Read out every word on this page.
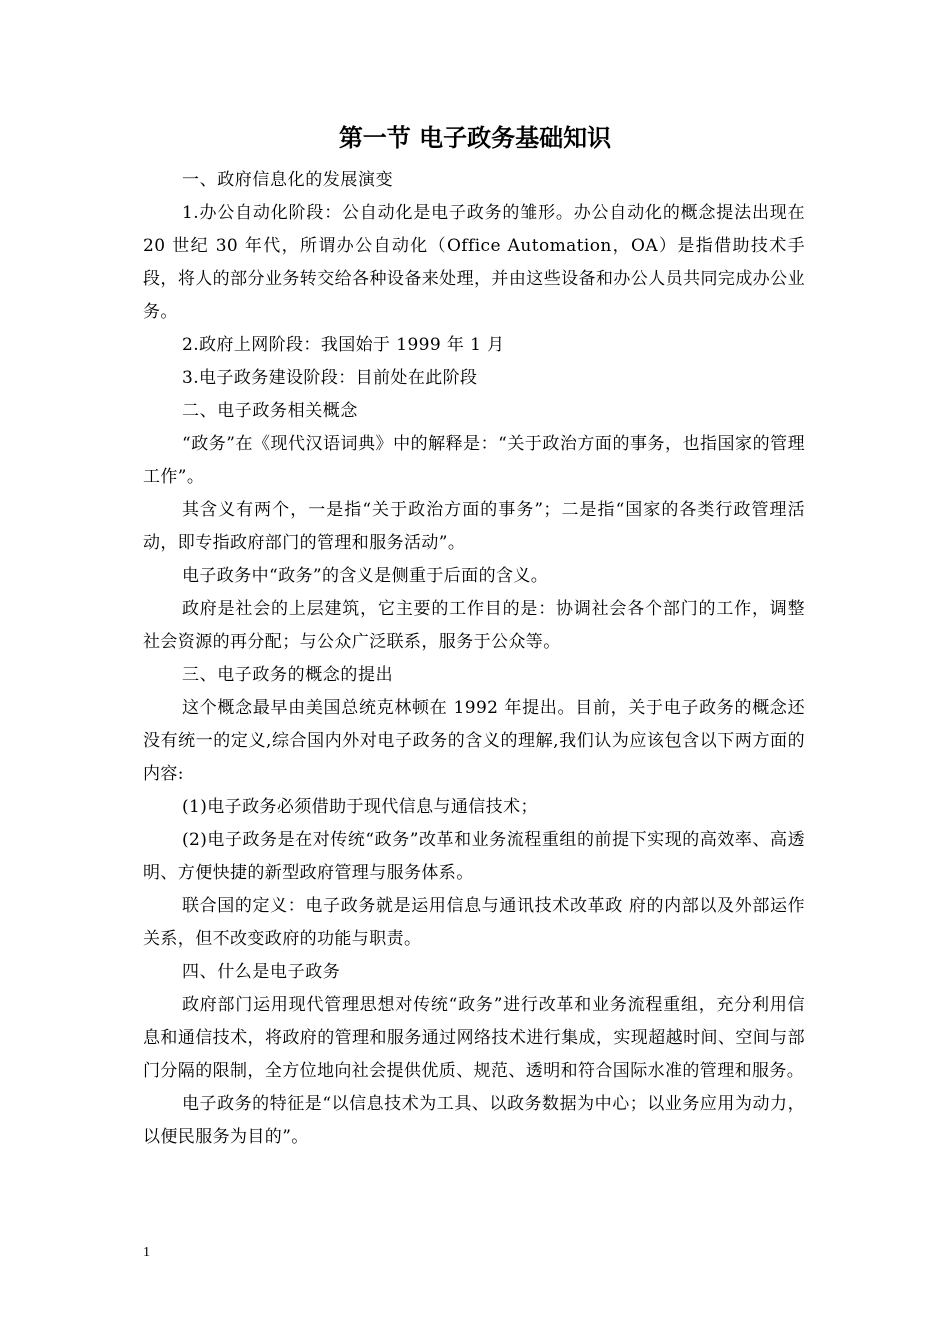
第一节 电子政务基础知识

一、政府信息化的发展演变

1.办公自动化阶段：公自动化是电子政务的雏形。办公自动化的概念提法出现在 20 世纪 30 年代，所谓办公自动化（Office Automation，OA）是指借助技术手段，将人的部分业务转交给各种设备来处理，并由这些设备和办公人员共同完成办公业务。

2.政府上网阶段：我国始于 1999 年 1 月

3.电子政务建设阶段：目前处在此阶段

二、电子政务相关概念

“政务”在《现代汉语词典》中的解释是：“关于政治方面的事务，也指国家的管理工作”。

其含义有两个，一是指“关于政治方面的事务”；二是指“国家的各类行政管理活动，即专指政府部门的管理和服务活动”。

电子政务中“政务”的含义是侧重于后面的含义。

政府是社会的上层建筑，它主要的工作目的是：协调社会各个部门的工作，调整社会资源的再分配；与公众广泛联系，服务于公众等。

三、电子政务的概念的提出

这个概念最早由美国总统克林顿在 1992 年提出。目前，关于电子政务的概念还没有统一的定义,综合国内外对电子政务的含义的理解,我们认为应该包含以下两方面的内容:

(1)电子政务必须借助于现代信息与通信技术；

(2)电子政务是在对传统“政务”改革和业务流程重组的前提下实现的高效率、高透明、方便快捷的新型政府管理与服务体系。

联合国的定义：电子政务就是运用信息与通讯技术改革政 府的内部以及外部运作关系，但不改变政府的功能与职责。

四、什么是电子政务

政府部门运用现代管理思想对传统“政务”进行改革和业务流程重组，充分利用信息和通信技术，将政府的管理和服务通过网络技术进行集成，实现超越时间、空间与部门分隔的限制，全方位地向社会提供优质、规范、透明和符合国际水准的管理和服务。

电子政务的特征是“以信息技术为工具、以政务数据为中心；以业务应用为动力，以便民服务为目的”。

1
